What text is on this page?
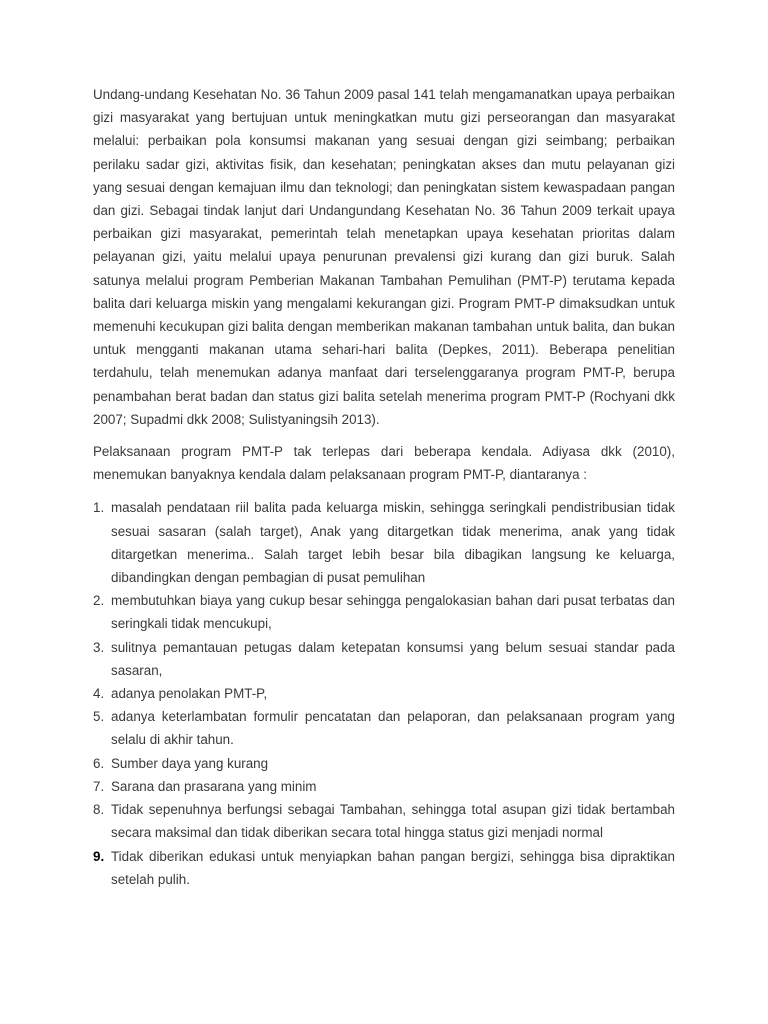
Undang-undang Kesehatan No. 36 Tahun 2009 pasal 141 telah mengamanatkan upaya perbaikan gizi masyarakat yang bertujuan untuk meningkatkan mutu gizi perseorangan dan masyarakat melalui: perbaikan pola konsumsi makanan yang sesuai dengan gizi seimbang; perbaikan perilaku sadar gizi, aktivitas fisik, dan kesehatan; peningkatan akses dan mutu pelayanan gizi yang sesuai dengan kemajuan ilmu dan teknologi; dan peningkatan sistem kewaspadaan pangan dan gizi. Sebagai tindak lanjut dari Undangundang Kesehatan No. 36 Tahun 2009 terkait upaya perbaikan gizi masyarakat, pemerintah telah menetapkan upaya kesehatan prioritas dalam pelayanan gizi, yaitu melalui upaya penurunan prevalensi gizi kurang dan gizi buruk. Salah satunya melalui program Pemberian Makanan Tambahan Pemulihan (PMT-P) terutama kepada balita dari keluarga miskin yang mengalami kekurangan gizi. Program PMT-P dimaksudkan untuk memenuhi kecukupan gizi balita dengan memberikan makanan tambahan untuk balita, dan bukan untuk mengganti makanan utama sehari-hari balita (Depkes, 2011). Beberapa penelitian terdahulu, telah menemukan adanya manfaat dari terselenggaranya program PMT-P, berupa penambahan berat badan dan status gizi balita setelah menerima program PMT-P (Rochyani dkk 2007; Supadmi dkk 2008; Sulistyaningsih 2013).

Pelaksanaan program PMT-P tak terlepas dari beberapa kendala. Adiyasa dkk (2010), menemukan banyaknya kendala dalam pelaksanaan program PMT-P, diantaranya :

1. masalah pendataan riil balita pada keluarga miskin, sehingga seringkali pendistribusian tidak sesuai sasaran (salah target), Anak yang ditargetkan tidak menerima, anak yang tidak ditargetkan menerima.. Salah target lebih besar bila dibagikan langsung ke keluarga, dibandingkan dengan pembagian di pusat pemulihan
2. membutuhkan biaya yang cukup besar sehingga pengalokasian bahan dari pusat terbatas dan seringkali tidak mencukupi,
3. sulitnya pemantauan petugas dalam ketepatan konsumsi yang belum sesuai standar pada sasaran,
4. adanya penolakan PMT-P,
5. adanya keterlambatan formulir pencatatan dan pelaporan, dan pelaksanaan program yang selalu di akhir tahun.
6. Sumber daya yang kurang
7. Sarana dan prasarana yang minim
8. Tidak sepenuhnya berfungsi sebagai Tambahan, sehingga total asupan gizi tidak bertambah secara maksimal dan tidak diberikan secara total hingga status gizi menjadi normal
9. Tidak diberikan edukasi untuk menyiapkan bahan pangan bergizi, sehingga bisa dipraktikan setelah pulih.
